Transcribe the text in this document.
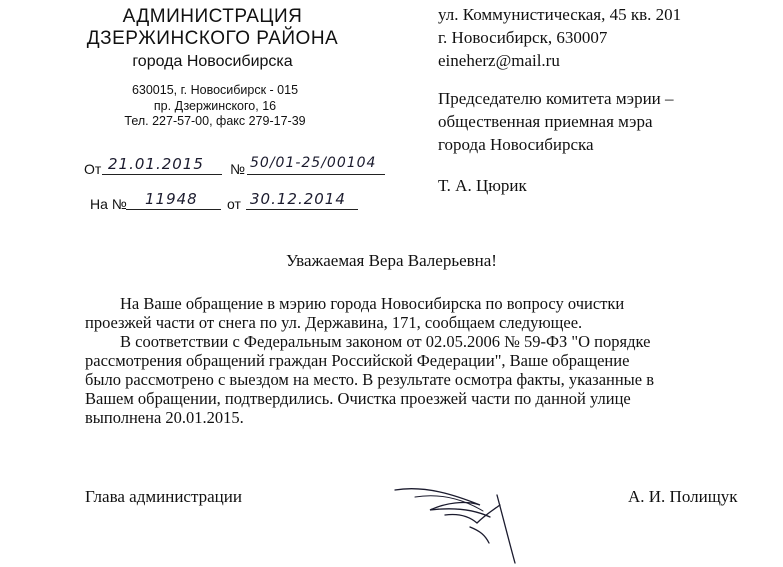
АДМИНИСТРАЦИЯ
ДЗЕРЖИНСКОГО РАЙОНА
города Новосибирска
630015, г. Новосибирск - 015
пр. Дзержинского, 16
Тел. 227-57-00, факс 279-17-39
От 21.01.2015 № 50/01-25/00104
На № 11948 от 30.12.2014
ул. Коммунистическая, 45 кв. 201
г. Новосибирск, 630007
eineherz@mail.ru
Председателю комитета мэрии –
общественная приемная мэра
города Новосибирска
Т. А. Цюрик
Уважаемая Вера Валерьевна!
На Ваше обращение в мэрию города Новосибирска по вопросу очистки
проезжей части от снега по ул. Державина, 171, сообщаем следующее.
В соответствии с Федеральным законом от 02.05.2006 № 59-ФЗ "О порядке
рассмотрения обращений граждан Российской Федерации", Ваше обращение
было рассмотрено с выездом на место. В результате осмотра факты, указанные в
Вашем обращении, подтвердились. Очистка проезжей части по данной улице
выполнена 20.01.2015.
Глава администрации	А. И. Полищук
